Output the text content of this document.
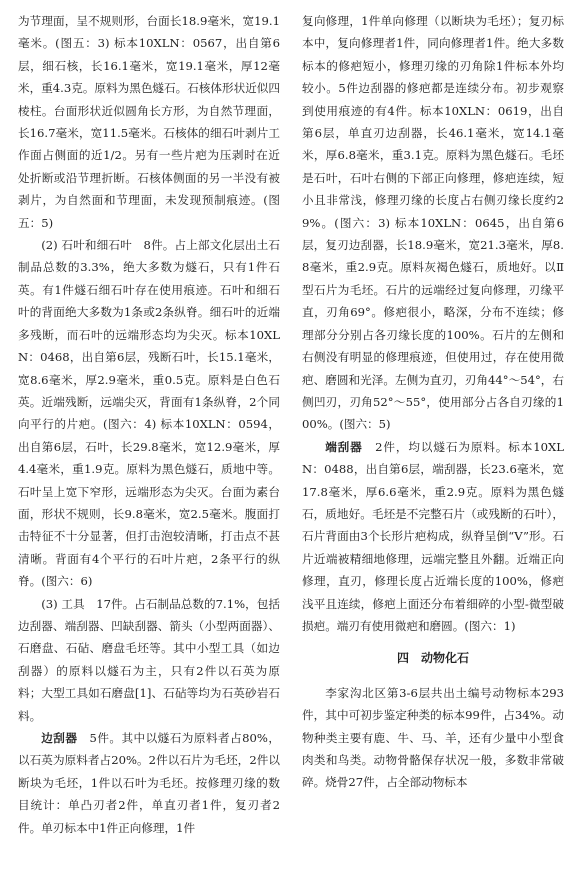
为节理面，呈不规则形，台面长18.9毫米，宽19.1毫米。(图五：3) 标本10XLN：0567，出自第6层，细石核，长16.1毫米，宽19.1毫米，厚12毫米，重4.3克。原料为黑色燧石。石核体形状近似四棱柱。台面形状近似圆角长方形，为自然节理面，长16.7毫米，宽11.5毫米。石核体的细石叶剥片工作面占侧面的近1/2。另有一些片疤为压剥时在近处折断或沿节理折断。石核体侧面的另一半没有被剥片，为自然面和节理面，未发现预制痕迹。(图五：5)

(2) 石叶和细石叶　8件。占上部文化层出土石制品总数的3.3%，绝大多数为燧石，只有1件石英。有1件燧石细石叶存在使用痕迹。石叶和细石叶的背面绝大多数为1条或2条纵脊。细石叶的近端多残断，而石叶的远端形态均为尖灭。标本10XLN：0468，出自第6层，残断石叶，长15.1毫米，宽8.6毫米，厚2.9毫米，重0.5克。原料是白色石英。近端残断，远端尖灭，背面有1条纵脊，2个同向平行的片疤。(图六：4) 标本10XLN：0594，出自第6层，石叶，长29.8毫米，宽12.9毫米，厚4.4毫米，重1.9克。原料为黑色燧石，质地中等。石叶呈上宽下窄形，远端形态为尖灭。台面为素台面，形状不规则，长9.8毫米，宽2.5毫米。腹面打击特征不十分显著，但打击泡较清晰，打击点不甚清晰。背面有4个平行的石叶片疤，2条平行的纵脊。(图六：6)

(3) 工具　17件。占石制品总数的7.1%，包括边刮器、端刮器、凹缺刮器、箭头（小型两面器）、石磨盘、石砧、磨盘毛坯等。其中小型工具（如边刮器）的原料以燧石为主，只有2件以石英为原料；大型工具如石磨盘[1]、石砧等均为石英砂岩石料。

边刮器　5件。其中以燧石为原料者占80%，以石英为原料者占20%。2件以石片为毛坯，2件以断块为毛坯，1件以石叶为毛坯。按修理刃缘的数目统计：单凸刃者2件，单直刃者1件，复刃者2件。单刃标本中1件正向修理，1件

复向修理，1件单向修理（以断块为毛坯）；复刃标本中，复向修理者1件，同向修理者1件。绝大多数标本的修疤短小，修理刃缘的刃角除1件标本外均较小。5件边刮器的修疤都是连续分布。初步观察到使用痕迹的有4件。标本10XLN：0619，出自第6层，单直刃边刮器，长46.1毫米，宽14.1毫米，厚6.8毫米，重3.1克。原料为黑色燧石。毛坯是石叶，石叶右侧的下部正向修理，修疤连续，短小且非常浅，修理刃缘的长度占右侧刃缘长度约29%。(图六：3) 标本10XLN：0645，出自第6层，复刃边刮器，长18.9毫米，宽21.3毫米，厚8.8毫米，重2.9克。原料灰褐色燧石，质地好。以Ⅱ型石片为毛坯。石片的远端经过复向修理，刃缘平直，刃角69°。修疤很小，略深，分布不连续；修理部分分别占各刃缘长度的100%。石片的左侧和右侧没有明显的修理痕迹，但使用过，存在使用微疤、磨圆和光泽。左侧为直刃，刃角44°～54°，右侧凹刃，刃角52°～55°，使用部分占各自刃缘的100%。(图六：5)

端刮器　2件，均以燧石为原料。标本10XLN：0488，出自第6层，端刮器，长23.6毫米，宽17.8毫米，厚6.6毫米，重2.9克。原料为黑色燧石，质地好。毛坯是不完整石片（或残断的石叶），石片背面由3个长形片疤构成，纵脊呈倒“V”形。石片近端被精细地修理，远端完整且外翻。近端正向修理，直刃，修理长度占近端长度的100%，修疤浅平且连续，修疤上面还分布着细碎的小型-微型破损疤。端刃有使用微疤和磨圆。(图六：1)

四　动物化石

李家沟北区第3-6层共出土编号动物标本293件，其中可初步鉴定种类的标本99件，占34%。动物种类主要有鹿、牛、马、羊，还有少量中小型食肉类和鸟类。动物骨骼保存状况一般，多数非常破碎。烧骨27件，占全部动物标本
